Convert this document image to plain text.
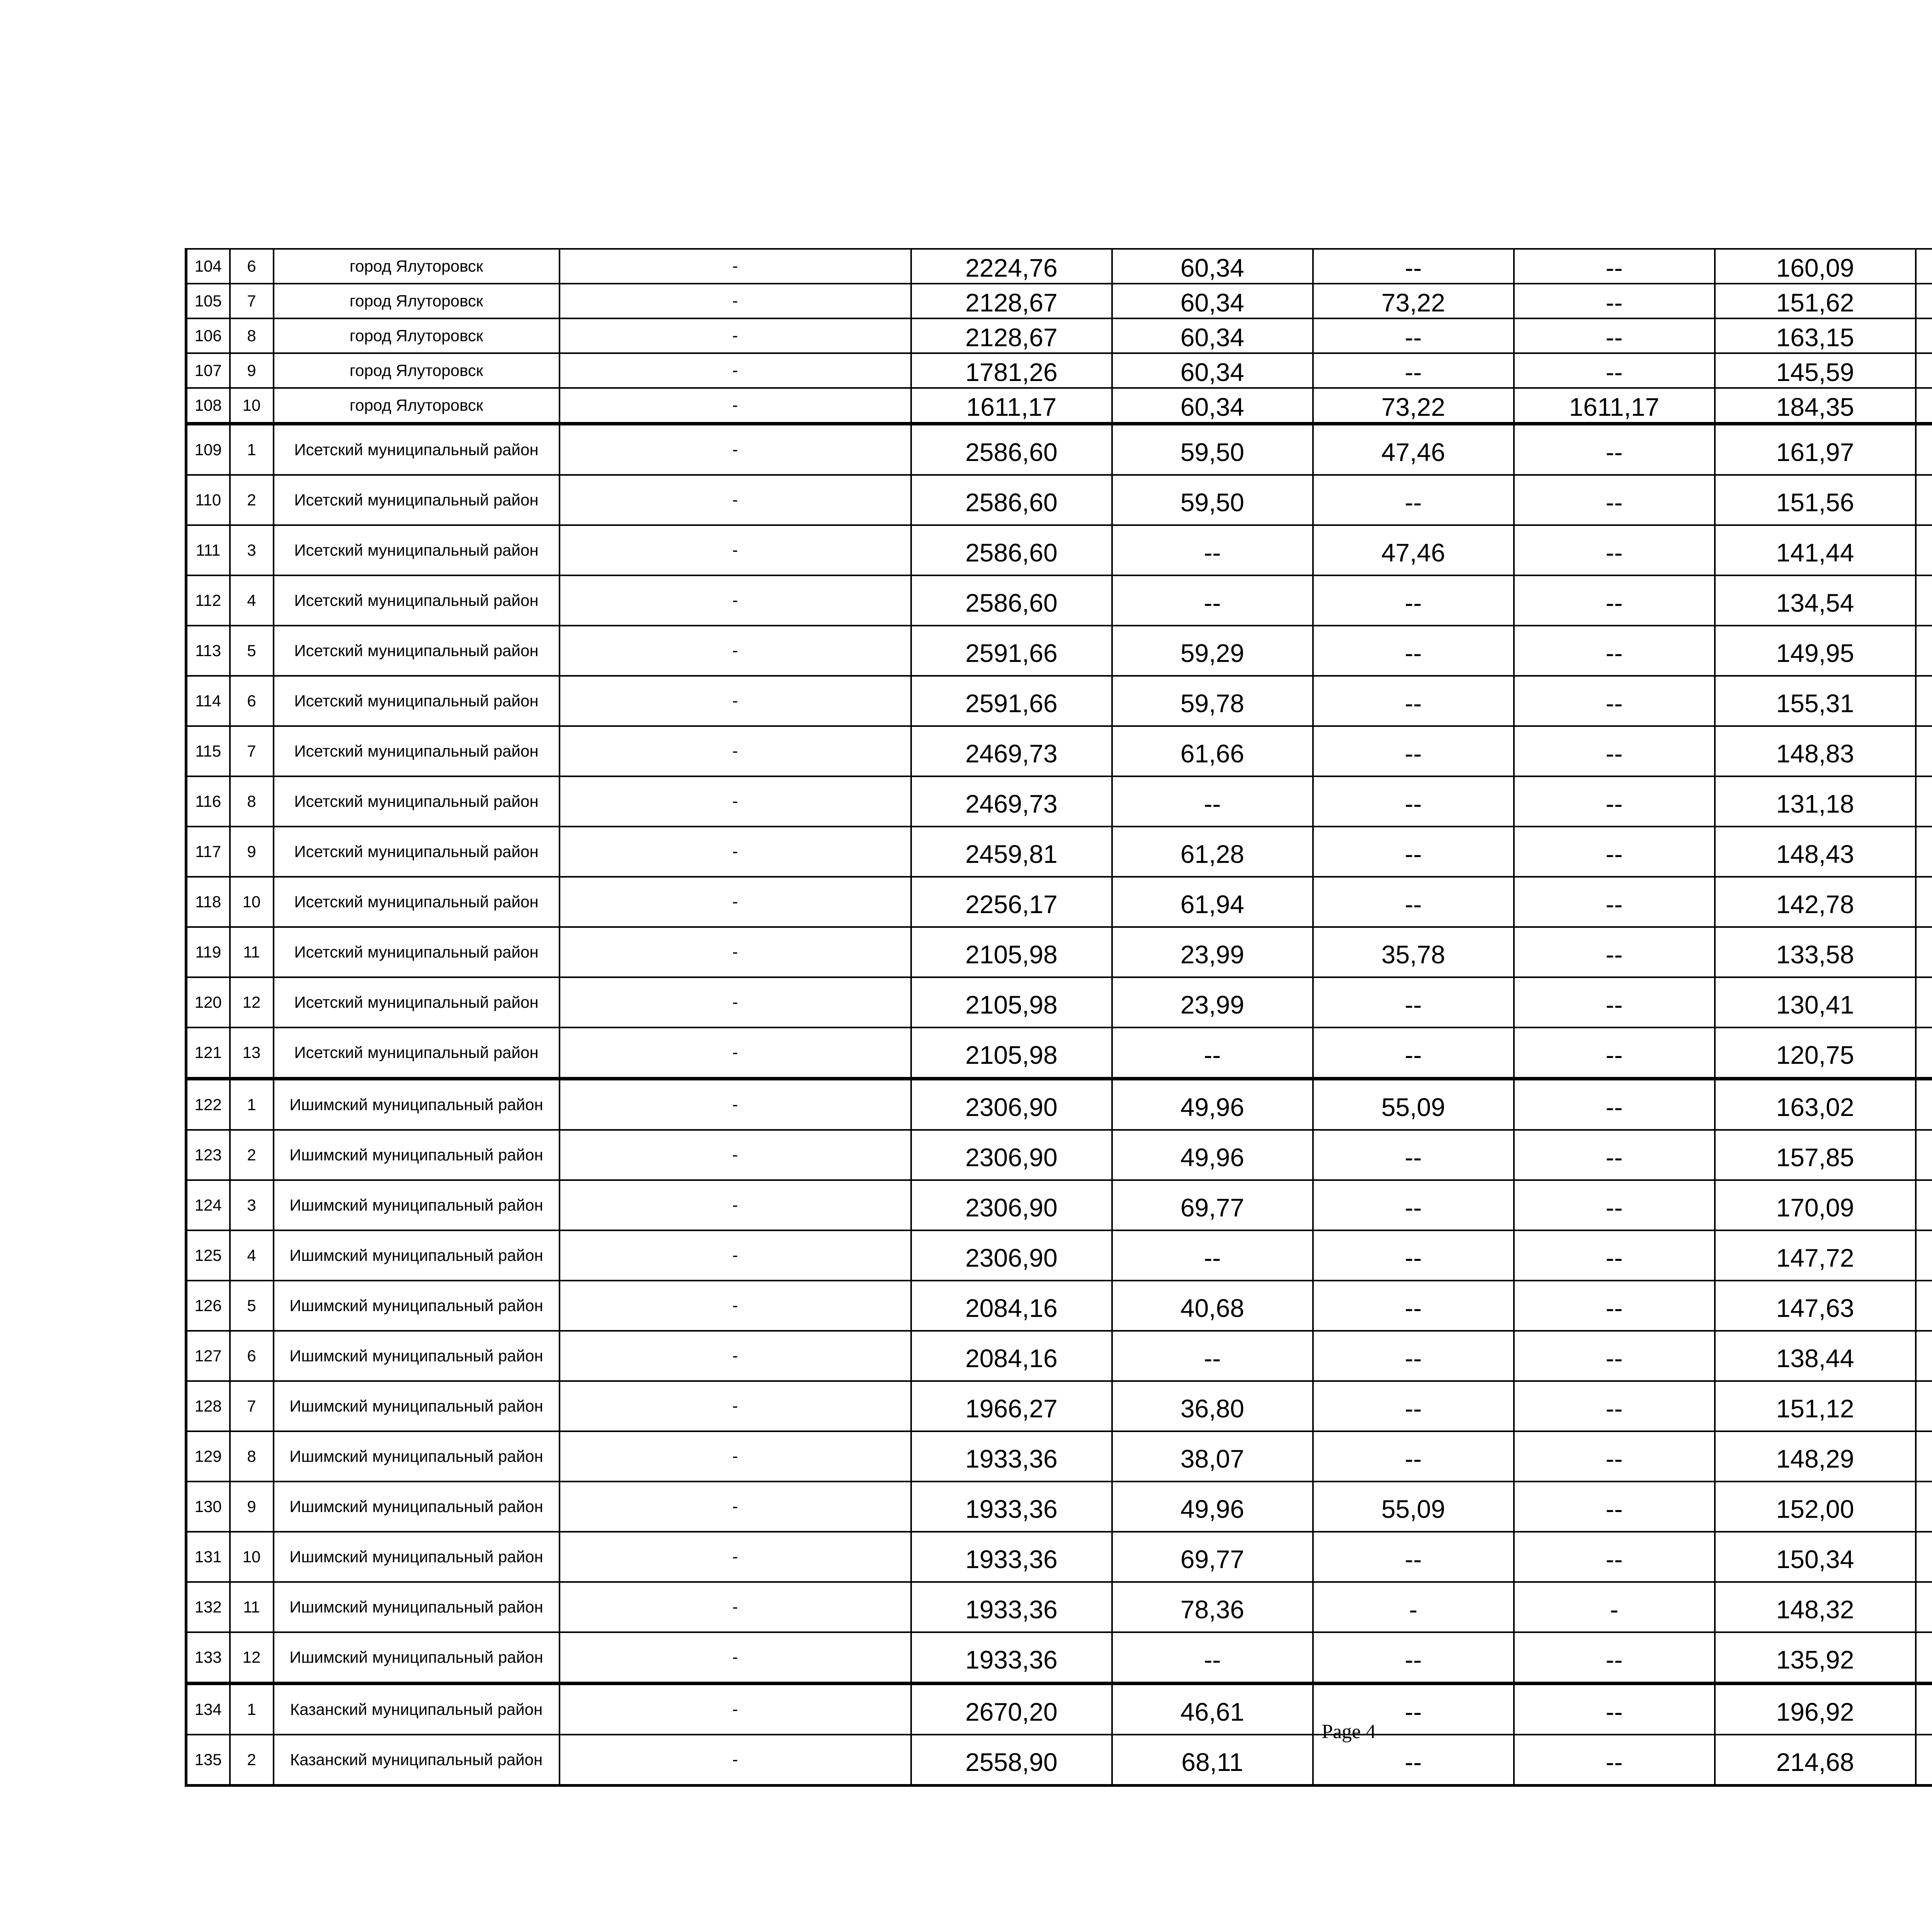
104	6	город Ялуторовск	-	2224,76	60,34	--	--	160,09			
105	7	город Ялуторовск	-	2128,67	60,34	73,22	--	151,62			
106	8	город Ялуторовск	-	2128,67	60,34	--	--	163,15			
107	9	город Ялуторовск	-	1781,26	60,34	--	--	145,59			
108	10	город Ялуторовск	-	1611,17	60,34	73,22	1611,17	184,35			
109	1	Исетский муниципальный район	-	2586,60	59,50	47,46	--	161,97			
110	2	Исетский муниципальный район	-	2586,60	59,50	--	--	151,56			
111	3	Исетский муниципальный район	-	2586,60	--	47,46	--	141,44			
112	4	Исетский муниципальный район	-	2586,60	--	--	--	134,54			
113	5	Исетский муниципальный район	-	2591,66	59,29	--	--	149,95			
114	6	Исетский муниципальный район	-	2591,66	59,78	--	--	155,31			
115	7	Исетский муниципальный район	-	2469,73	61,66	--	--	148,83			
116	8	Исетский муниципальный район	-	2469,73	--	--	--	131,18			
117	9	Исетский муниципальный район	-	2459,81	61,28	--	--	148,43			
118	10	Исетский муниципальный район	-	2256,17	61,94	--	--	142,78			
119	11	Исетский муниципальный район	-	2105,98	23,99	35,78	--	133,58			
120	12	Исетский муниципальный район	-	2105,98	23,99	--	--	130,41			
121	13	Исетский муниципальный район	-	2105,98	--	--	--	120,75			
122	1	Ишимский муниципальный район	-	2306,90	49,96	55,09	--	163,02			
123	2	Ишимский муниципальный район	-	2306,90	49,96	--	--	157,85			
124	3	Ишимский муниципальный район	-	2306,90	69,77	--	--	170,09			
125	4	Ишимский муниципальный район	-	2306,90	--	--	--	147,72			
126	5	Ишимский муниципальный район	-	2084,16	40,68	--	--	147,63			
127	6	Ишимский муниципальный район	-	2084,16	--	--	--	138,44			
128	7	Ишимский муниципальный район	-	1966,27	36,80	--	--	151,12			
129	8	Ишимский муниципальный район	-	1933,36	38,07	--	--	148,29			
130	9	Ишимский муниципальный район	-	1933,36	49,96	55,09	--	152,00			
131	10	Ишимский муниципальный район	-	1933,36	69,77	--	--	150,34			
132	11	Ишимский муниципальный район	-	1933,36	78,36	-	-	148,32			
133	12	Ишимский муниципальный район	-	1933,36	--	--	--	135,92			
134	1	Казанский муниципальный район	-	2670,20	46,61	--	--	196,92			
135	2	Казанский муниципальный район	-	2558,90	68,11	--	--	214,68			
Page 4
